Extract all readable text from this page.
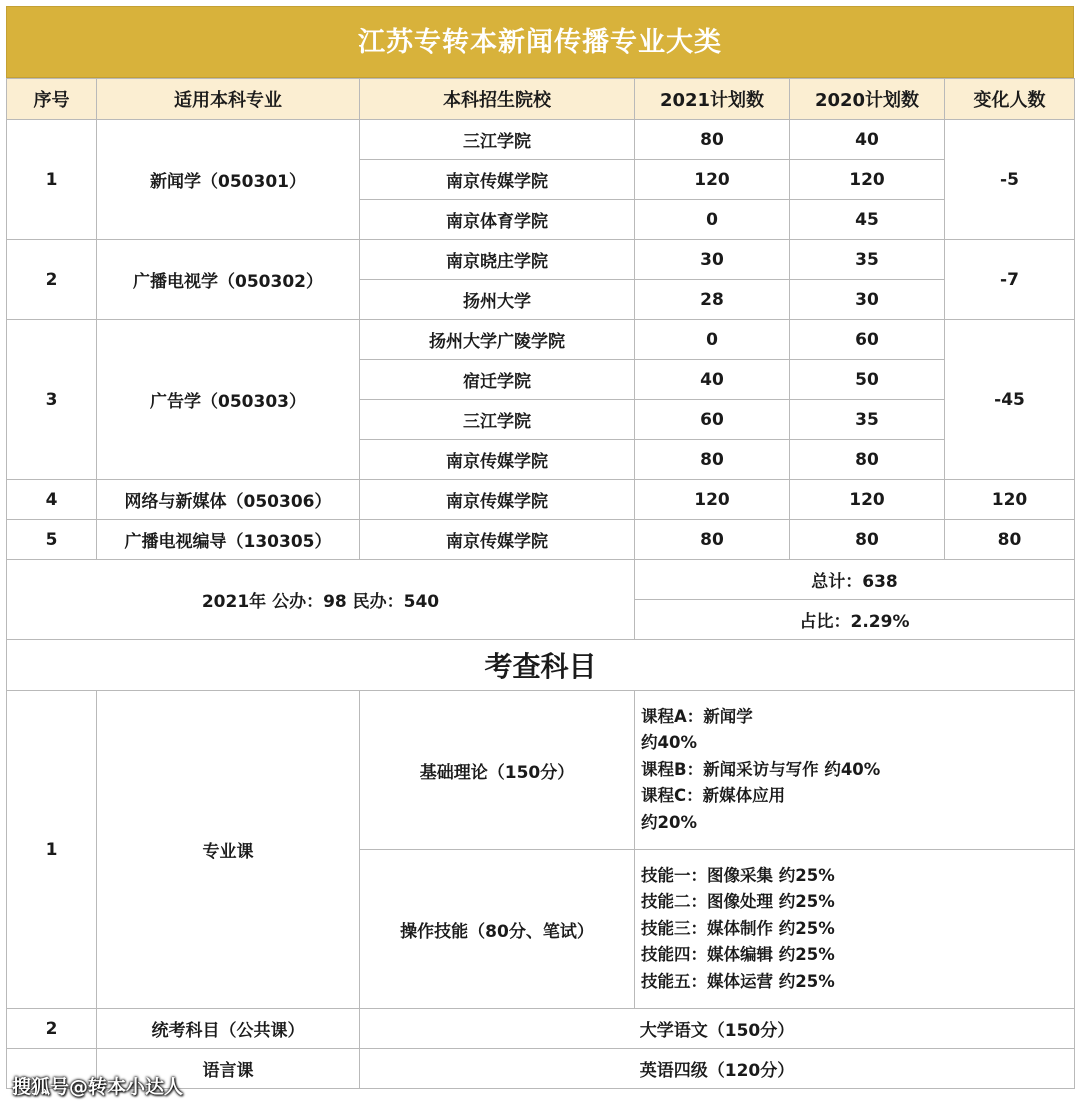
江苏专转本新闻传播专业大类
序号	适用本科专业	本科招生院校	2021计划数	2020计划数	变化人数
1	新闻学（050301）	三江学院	80	40	-5
		南京传媒学院	120	120	
		南京体育学院	0	45	
2	广播电视学（050302）	南京晓庄学院	30	35	-7
		扬州大学	28	30	
3	广告学（050303）	扬州大学广陵学院	0	60	-45
		宿迁学院	40	50	
		三江学院	60	35	
		南京传媒学院	80	80	
4	网络与新媒体（050306）	南京传媒学院	120	120	120
5	广播电视编导（130305）	南京传媒学院	80	80	80
2021年 公办：98 民办：540			总计：638		
			占比：2.29%		
考查科目					
1	专业课	基础理论（150分）	课程A：新闻学
约40%
课程B：新闻采访与写作 约40%
课程C：新媒体应用
约20%		

		操作技能（80分、笔试）	技能一：图像采集 约25%
技能二：图像处理 约25%
技能三：媒体制作 约25%
技能四：媒体编辑 约25%
技能五：媒体运营 约25%		

2	统考科目（公共课）	大学语文（150分）			
	语言课	英语四级（120分）			
搜狐号@转本小达人
